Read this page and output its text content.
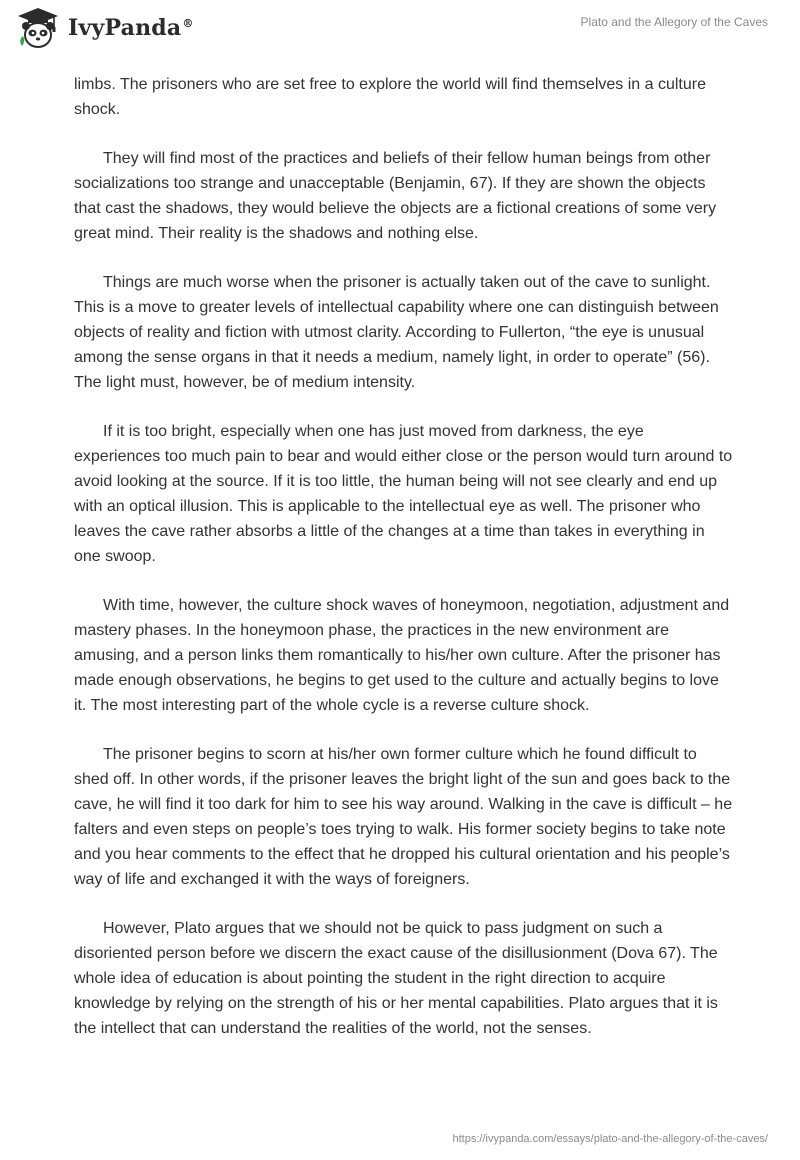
IvyPanda®	Plato and the Allegory of the Caves

limbs. The prisoners who are set free to explore the world will find themselves in a culture shock.

They will find most of the practices and beliefs of their fellow human beings from other socializations too strange and unacceptable (Benjamin, 67). If they are shown the objects that cast the shadows, they would believe the objects are a fictional creations of some very great mind. Their reality is the shadows and nothing else.

Things are much worse when the prisoner is actually taken out of the cave to sunlight. This is a move to greater levels of intellectual capability where one can distinguish between objects of reality and fiction with utmost clarity. According to Fullerton, “the eye is unusual among the sense organs in that it needs a medium, namely light, in order to operate” (56). The light must, however, be of medium intensity.

If it is too bright, especially when one has just moved from darkness, the eye experiences too much pain to bear and would either close or the person would turn around to avoid looking at the source. If it is too little, the human being will not see clearly and end up with an optical illusion. This is applicable to the intellectual eye as well. The prisoner who leaves the cave rather absorbs a little of the changes at a time than takes in everything in one swoop.

With time, however, the culture shock waves of honeymoon, negotiation, adjustment and mastery phases. In the honeymoon phase, the practices in the new environment are amusing, and a person links them romantically to his/her own culture. After the prisoner has made enough observations, he begins to get used to the culture and actually begins to love it. The most interesting part of the whole cycle is a reverse culture shock.

The prisoner begins to scorn at his/her own former culture which he found difficult to shed off. In other words, if the prisoner leaves the bright light of the sun and goes back to the cave, he will find it too dark for him to see his way around. Walking in the cave is difficult – he falters and even steps on people’s toes trying to walk. His former society begins to take note and you hear comments to the effect that he dropped his cultural orientation and his people’s way of life and exchanged it with the ways of foreigners.

However, Plato argues that we should not be quick to pass judgment on such a disoriented person before we discern the exact cause of the disillusionment (Dova 67). The whole idea of education is about pointing the student in the right direction to acquire knowledge by relying on the strength of his or her mental capabilities. Plato argues that it is the intellect that can understand the realities of the world, not the senses.

https://ivypanda.com/essays/plato-and-the-allegory-of-the-caves/
